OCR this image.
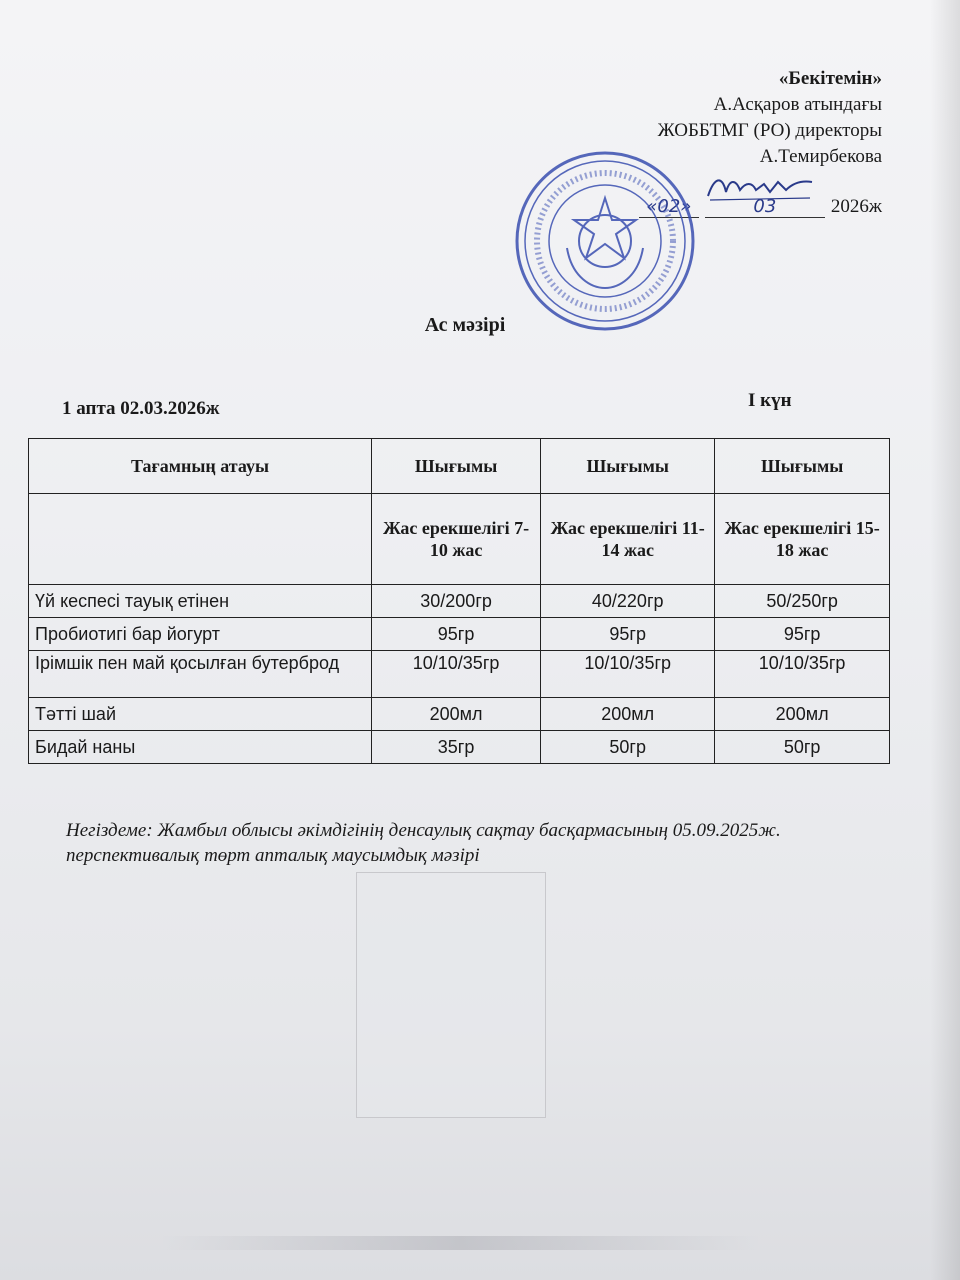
«Бекітемін»
А.Асқаров атындағы
ЖОББТМГ (РО) директоры
А.Темирбекова
«02»	03	2026ж
Ас мәзірі
1 апта 02.03.2026ж	І күн
Тағамның атауы	Шығымы	Шығымы	Шығымы
	Жас ерекшелігі 7-10 жас	Жас ерекшелігі 11-14 жас	Жас ерекшелігі 15-18 жас
Үй кеспесі тауық етінен	30/200гр	40/220гр	50/250гр
Пробиотигі бар йогурт	95гр	95гр	95гр
Ірімшік пен май қосылған бутерброд	10/10/35гр	10/10/35гр	10/10/35гр
Тәтті шай	200мл	200мл	200мл
Бидай наны	35гр	50гр	50гр
Негіздеме: Жамбыл облысы әкімдігінің денсаулық сақтау басқармасының 05.09.2025ж. перспективалық төрт апталық маусымдық мәзірі
